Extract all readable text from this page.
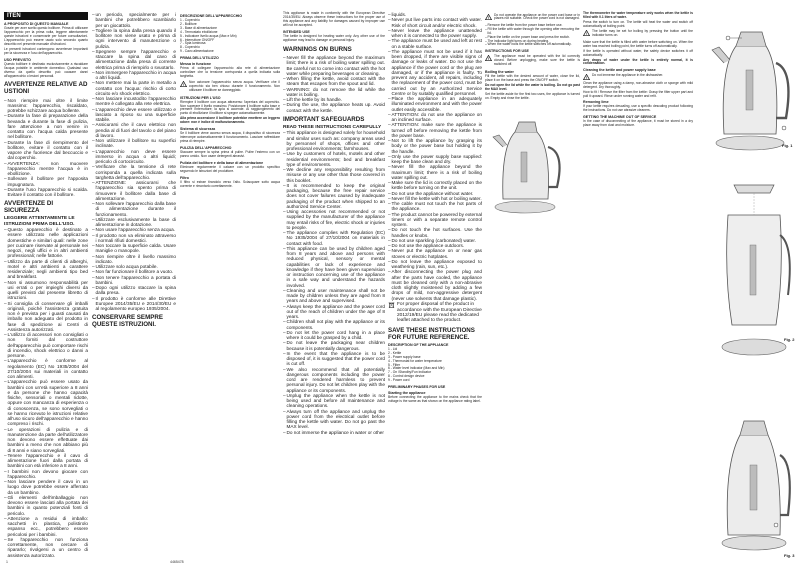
ITEN
A PROPOSITO DI QUESTO MANUALE

Grazie per aver scelto questo bollitore. Prima di utilizzare l'apparecchio per la prima volta, leggere attentamente queste istruzioni e conservarle per future consultazioni. L'apparecchio può essere usato solo secondo quanto descritto nel presente manuale d'istruzioni.

Le presenti istruzioni contengono avvertenze importanti per la sicurezza e l'uso dell'apparecchio.

USO PREVISTO

Questo bollitore è destinato esclusivamente a riscaldare l'acqua potabile in ambiente domestico. Qualsiasi uso diverso da quello descritto può causare danni all'apparecchio o lesioni personali.

AVVERTENZE RELATIVE AD USTIONI
– Non riempire mai oltre il limite massimo: l'apparecchio, riscaldato, potrebbe schizzare acqua bollente.
– Durante la fase di preparazione della bevanda e durante la fase di pulizia, fare attenzione a non venire in contatto con l'acqua calda presente nel bollitore.
– Durante la fase di riempimento del bollitore, evitare il contatto con il vapore che fuoriesce dal beccuccio e dal coperchio.
– AVVERTENZA: non muovere l'apparecchio mentre l'acqua è in ebollizione.
– Sollevare il bollitore per l'apposita impugnatura.
– Durante l'uso l'apparecchio si scalda. Evitare il contatto con il bollitore.
AVVERTENZE DI SICUREZZA

LEGGERE ATTENTAMENTE LE ISTRUZIONI PRIMA DELL'USO.

– Questo apparecchio è destinato a essere utilizzato nelle applicazioni domestiche e similari quali: nelle zone per cucinare riservate al personale nei negozi, negli uffici e in altri ambienti professionali; nelle fattorie.
– Utilizzo da parte di clienti di alberghi, motel e altri ambienti a carattere residenziale; negli ambienti tipo bed and breakfast.
– Non si assumono responsabilità per usi errati o per impieghi diversi da quelli previsti dal presente libretto di istruzioni.
– Si consiglia di conservare gli imballi originali, poiché l'assistenza gratuita non è prevista per i guasti causati da imballo non adeguato del prodotto in fase di spedizione ai Centri di Assistenza autorizzati.
– L'utilizzo di accessori non consigliati o non forniti dal costruttore dell'apparecchio può comportare rischi di incendio, shock elettrico o danni a persone.
– L'apparecchio è conforme al regolamento (EC) No 1935/2004 del 27/10/2004 sui materiali in contatto con alimenti.
– L'apparecchio può essere usato da bambini con un'età superiore a 8 anni e da persone che hanno capacità fisiche, sensoriali o mentali ridotte, oppure con mancanza di esperienza o di conoscenza, se sono sorvegliati o se hanno ricevuto le istruzioni relative all'uso sicuro dell'apparecchio e hanno compreso i rischi.
– Le operazioni di pulizia e di manutenzione da parte dell'utilizzatore non devono essere effettuate dai bambini a meno che non abbiano più di 8 anni e siano sorvegliati.
– Tenere l'apparecchio e il cavo di alimentazione fuori dalla portata di bambini con età inferiore a 8 anni.
– I bambini non devono giocare con l'apparecchio.
– Non lasciare pendere il cavo in un luogo dove potrebbe essere afferrato da un bambino.
– Gli elementi dell'imballaggio non devono essere lasciati alla portata dei bambini in quanto potenziali fonti di pericolo.
– Attenzione a residui di imballo: sacchetti in plastica, polistirolo espanso ecc., potrebbero essere pericolosi per i bambini.
– Se l'apparecchio non funziona correttamente, non cercare di ripararlo; rivolgersi a un centro di assistenza autorizzato.
– un periodo, specialmente per i bambini che potrebbero scambiarlo per un giocattolo.
– Togliere la spina dalla presa quando il bollitore non viene usato e prima di ogni intervento di manutenzione o pulizia.
– Spegnere sempre l'apparecchio e staccare la spina dal cavo di alimentazione dalla presa di corrente elettrica prima di riempirlo o svuotarlo.
– Non immergere l'apparecchio in acqua o altri liquidi.
– Non mettere mai la parte in metallo a contatto con l'acqua: rischio di corto circuito e/o shock elettrico.
– Non lasciare incustodito l'apparecchio mentre è collegato alla rete elettrica.
– L'apparecchio deve essere utilizzato e lasciato a riposo su una superficie stabile.
– Assicurarsi che il cavo elettrico non pendia al di fuori del tavolo o del piano di lavoro.
– Non utilizzare il bollitore su superfici inclinate.
– L'apparecchio non deve essere immerso in acqua o altri liquidi; pericolo di cortocircuito.
– Verificare che la tensione di rete corrisponda a quella indicata sulla targhetta dell'apparecchio.
– ATTENZIONE: assicurarsi che l'apparecchio sia spento prima di rimuovere il bollitore dalla base di alimentazione.
– Non sollevare l'apparecchio dalla base di alimentazione durante il funzionamento.
– Utilizzare esclusivamente la base di alimentazione in dotazione.
– Non usare l'apparecchio senza acqua.
– Il prodotto non va eliminato attraverso i normali rifiuti domestici.
– Non toccare la superficie calda. Usare maniglie o manopole.
– Non riempire oltre il livello massimo indicato.
– Utilizzare solo acqua potabile.
– Non far funzionare il bollitore a vuoto.
– Non tenere l'apparecchio a portata di bambini.
– Dopo ogni utilizzo staccare la spina dalla presa.
– Il prodotto è conforme alle Direttive Europee 2014/35/EU e 2014/30/EU e al regolamento europeo 1935/2004.

CONSERVARE SEMPRE QUESTE ISTRUZIONI.

DESCRIZIONE DELL'APPARECCHIO
1 - Coperchio
2 - Bollitore
3 - Base di alimentazione
4 - Termostato ebollizione
5 - Indicatore livello acqua (Max e Min)
6 - Interruttore ON/OFF
7 - Spia luminosa
8 - Coperchio
9 - Cavo alimentazione
PRIMA DELL'UTILIZZO
Messa in funzione

Prima di collegare l'apparecchio alla rete di alimentazione controllare che la tensione corrisponda a quella indicata sulla targhetta.

!

Non azionare l'apparecchio senza acqua. Verificare che il coperchio sia ben chiuso durante il funzionamento. Non utilizzare il bollitore se danneggiato.

ISTRUZIONI PER L'USO

Riempire il bollitore con acqua attraverso l'apertura del coperchio. Non superare il livello massimo. Posizionare il bollitore sulla base e premere l'interruttore; la spia si accende. Al raggiungimento del punto di ebollizione il bollitore si spegne automaticamente.

Alla prima accensione il bollitore potrebbe emettere un leggero odore: non è indice di malfunzionamento.

Sistema di sicurezza

Se il bollitore viene acceso senza acqua, il dispositivo di sicurezza interrompe automaticamente il funzionamento. Lasciare raffreddare prima di riempire.

PULIZIA DELL'APPARECCHIO

Staccare sempre la spina prima di pulire. Pulire l'esterno con un panno umido. Non usare detergenti abrasivi.

Pulizia del bollitore e della base di alimentazione

Eliminare regolarmente il calcare con un prodotto specifico seguendo le istruzioni del produttore.

Filtro

Il filtro si estrae tirandolo verso l'alto. Sciacquare sotto acqua corrente e rimontarlo correttamente.

This appliance is made in conformity with the European Directive 2014/35/EU. Always observe these instructions for the proper use of this appliance and any liability for damages caused by improper use will not be accepted.

INTENDED USE

The kettle is designed for heating water only. Any other use of the appliance may lead to damage or personal injury.

WARNINGS ON BURNS
– Never fill the appliance beyond the maximum limit; there is a risk of boiling water spilling out. Be careful not to come into contact with the hot water while preparing beverages or cleaning.
– When filling the kettle, avoid contact with the steam that escapes from the spout and lid.
– WARNING: do not remove the lid while the water is boiling.
– Lift the kettle by its handle.
– During the use, the appliance heats up. Avoid contact with the kettle.
IMPORTANT SAFEGUARDS

READ THESE INSTRUCTIONS CAREFULLY

– This appliance is designed solely for household and similar uses such as: company areas used by personnel of shops, offices and other professional environments; farmhouses.
– Use by customers of hotels, motels and other residential environments; bed and breakfast type of environments.
– We decline any responsibility resulting from misuse or any use other than those covered in this booklet.
– It is recommended to keep the original packaging, because the free repair service does not cover failures caused by inadequate packaging of the product when shipped to an authorized Service Center.
– Using accessories not recommended or not supplied by the manufacturer of the appliance may entail risks of fire, electric shock or injuries to people.
– The appliance complies with Regulation (EC) No 1935/2004 of 27/10/2004 on materials in contact with food.
– This appliance can be used by children aged from 8 years and above and persons with reduced physical, sensory or mental capabilities or lack of experience and knowledge if they have been given supervision or instruction concerning use of the appliance in a safe way and understand the hazards involved.
– Cleaning and user maintenance shall not be made by children unless they are aged from 8 years and above and supervised.
– Always keep the appliance and the power cord out of the reach of children under the age of 8 years.
– Children shall not play with the appliance or its components.
– Do not let the power cord hang in a place where it could be grasped by a child.
– Do not leave the packaging near children because it is potentially dangerous.
– In the event that the appliance is to be disposed of, it is suggested that the power cord is cut off.
– We also recommend that all potentially dangerous components including the power cord are rendered harmless to prevent personal injury. Do not let children play with the appliance or its components.
– Unplug the appliance when the kettle is not being used and before all maintenance and cleaning operations.
– Always turn off the appliance and unplug the power cord from the electrical outlet before filling the kettle with water. Do not go past the MAX level.
– Do not immerse the appliance in water or other
– liquids.
– Never put live parts into contact with water. Risk of short circuit and/or electric shock.
– Never leave the appliance unattended when it is connected to the power supply.
– The appliance must be used and left at rest on a stable surface.
– The appliance must not be used if it has been dropped, if there are visible signs of damage or leaks of water. Do not use the appliance if the power cord or the plug are damaged, or if the appliance is faulty. To prevent any accident, all repairs, including the replacement of the power cord, must be carried out by an Authorized Service Centre or by suitably qualified personnel.
– Place the appliance in an adequately illuminated environment and with the power outlet easily accessible.
– ATTENTION: do not use the appliance on an inclined surface.
– ATTENTION: make sure the appliance is turned off before removing the kettle from the power base.
– Not to lift the appliance by grasping its body or the power base but holding it by the handle.
– Only use the power supply base supplied: keep the base clean and dry.
– Never fill the appliance beyond the maximum limit; there is a risk of boiling water spilling out.
– Make sure the lid is correctly placed on the kettle before turning on the unit.
– Do not use the appliance without water.
– Never fill the kettle with hot or boiling water.
– The cable must not touch the hot parts of the appliance.
– The product cannot be powered by external timers or with a separate remote control system.
– Do not touch the hot surfaces. Use the handles or knobs.
– Do not use sparkling (carbonated) water.
– Do not use the appliance outdoors.
– Never put the appliance on or near gas stoves or electric hotplates.
– Do not leave the appliance exposed to weathering (rain, sun, etc.).
– After disconnecting the power plug and after the parts have cooled, the appliance must be cleaned only with a non-abrasive cloth slightly moistened by adding a few drops of mild, non-aggressive detergent (never use solvents that damage plastic).

For proper disposal of the product in accordance with the European Directive 2012/19/EU please read the dedicated leaflet attached to the product.

SAVE THESE INSTRUCTIONS FOR FUTURE REFERENCE.

DESCRIPTION OF THE APPLIANCE
1 - Lid
2 - Kettle
3 - Power supply base
4 - Thermostat for water temperature
5 - Filter
6 - Water level indicator (Max and Min)
7 - On /Standby/Fun indicator
8 - Control design device
9 - Power cord
PRELIMINARY PHASES FOR USE
Starting the appliance

Before connecting the appliance to the mains check that the voltage is the same as that shown on the appliance rating label.

!

Do not operate the appliance on the power cord base or in places not suitable. Check the power cord is not damaged.

– Remove the kettle from the power base before use.
– Fill the kettle with water through the opening after removing the lid.
– Place the kettle on the power base and press the switch.
– The indicator light turns on during heating.
– When the water boils the kettle switches off automatically.
INSTRUCTIONS FOR USE
!

The appliance must be operated with the lid correctly closed. Before unplugging, make sure the kettle is switched off.

Boiling the water

Fill the kettle with the desired amount of water, close the lid, place it on the base and press the ON/OFF switch.

Do not open the lid while the water is boiling. Do not go past the MAX level.

Set the kettle aside for the first two uses, the appliance is turned on. Empty and rinse the kettle.

The thermometer for water temperature only works when the kettle is filled with 0.1 liters of water.

Press the switch to turn on. The kettle will heat the water and switch off automatically at boiling point.

!

The kettle may be set for boiling by pressing the button until the indicator turns on.

Make sure that the kettle is filled with water before switching on. When the water has reached boiling point, the kettle turns off automatically.

If the kettle is operated without water, the safety device switches it off automatically.

Any drops of water under the kettle is entirely normal, it is condensation.

Cleaning the kettle and power supply base
!

Do not immerse the appliance in the dishwasher.

Clean the appliance using a damp, non-abrasive cloth or sponge with mild detergent. Dry thoroughly.

How to fit / Remove the filter from the kettle: Grasp the filter upper part and pull it upward. Rinse under running water and refit.

Removing lime

If your kettle requires descaling, use a specific descaling product following the instructions. Do not use abrasive cleaners.

GETTING THE MACHINE OUT OF SERVICE

In the case of disconnecting of the appliance, it must be stored in a dry place away from dust and moisture.

Fig. 1
Fig. 2
Fig. 3
1	4465478
